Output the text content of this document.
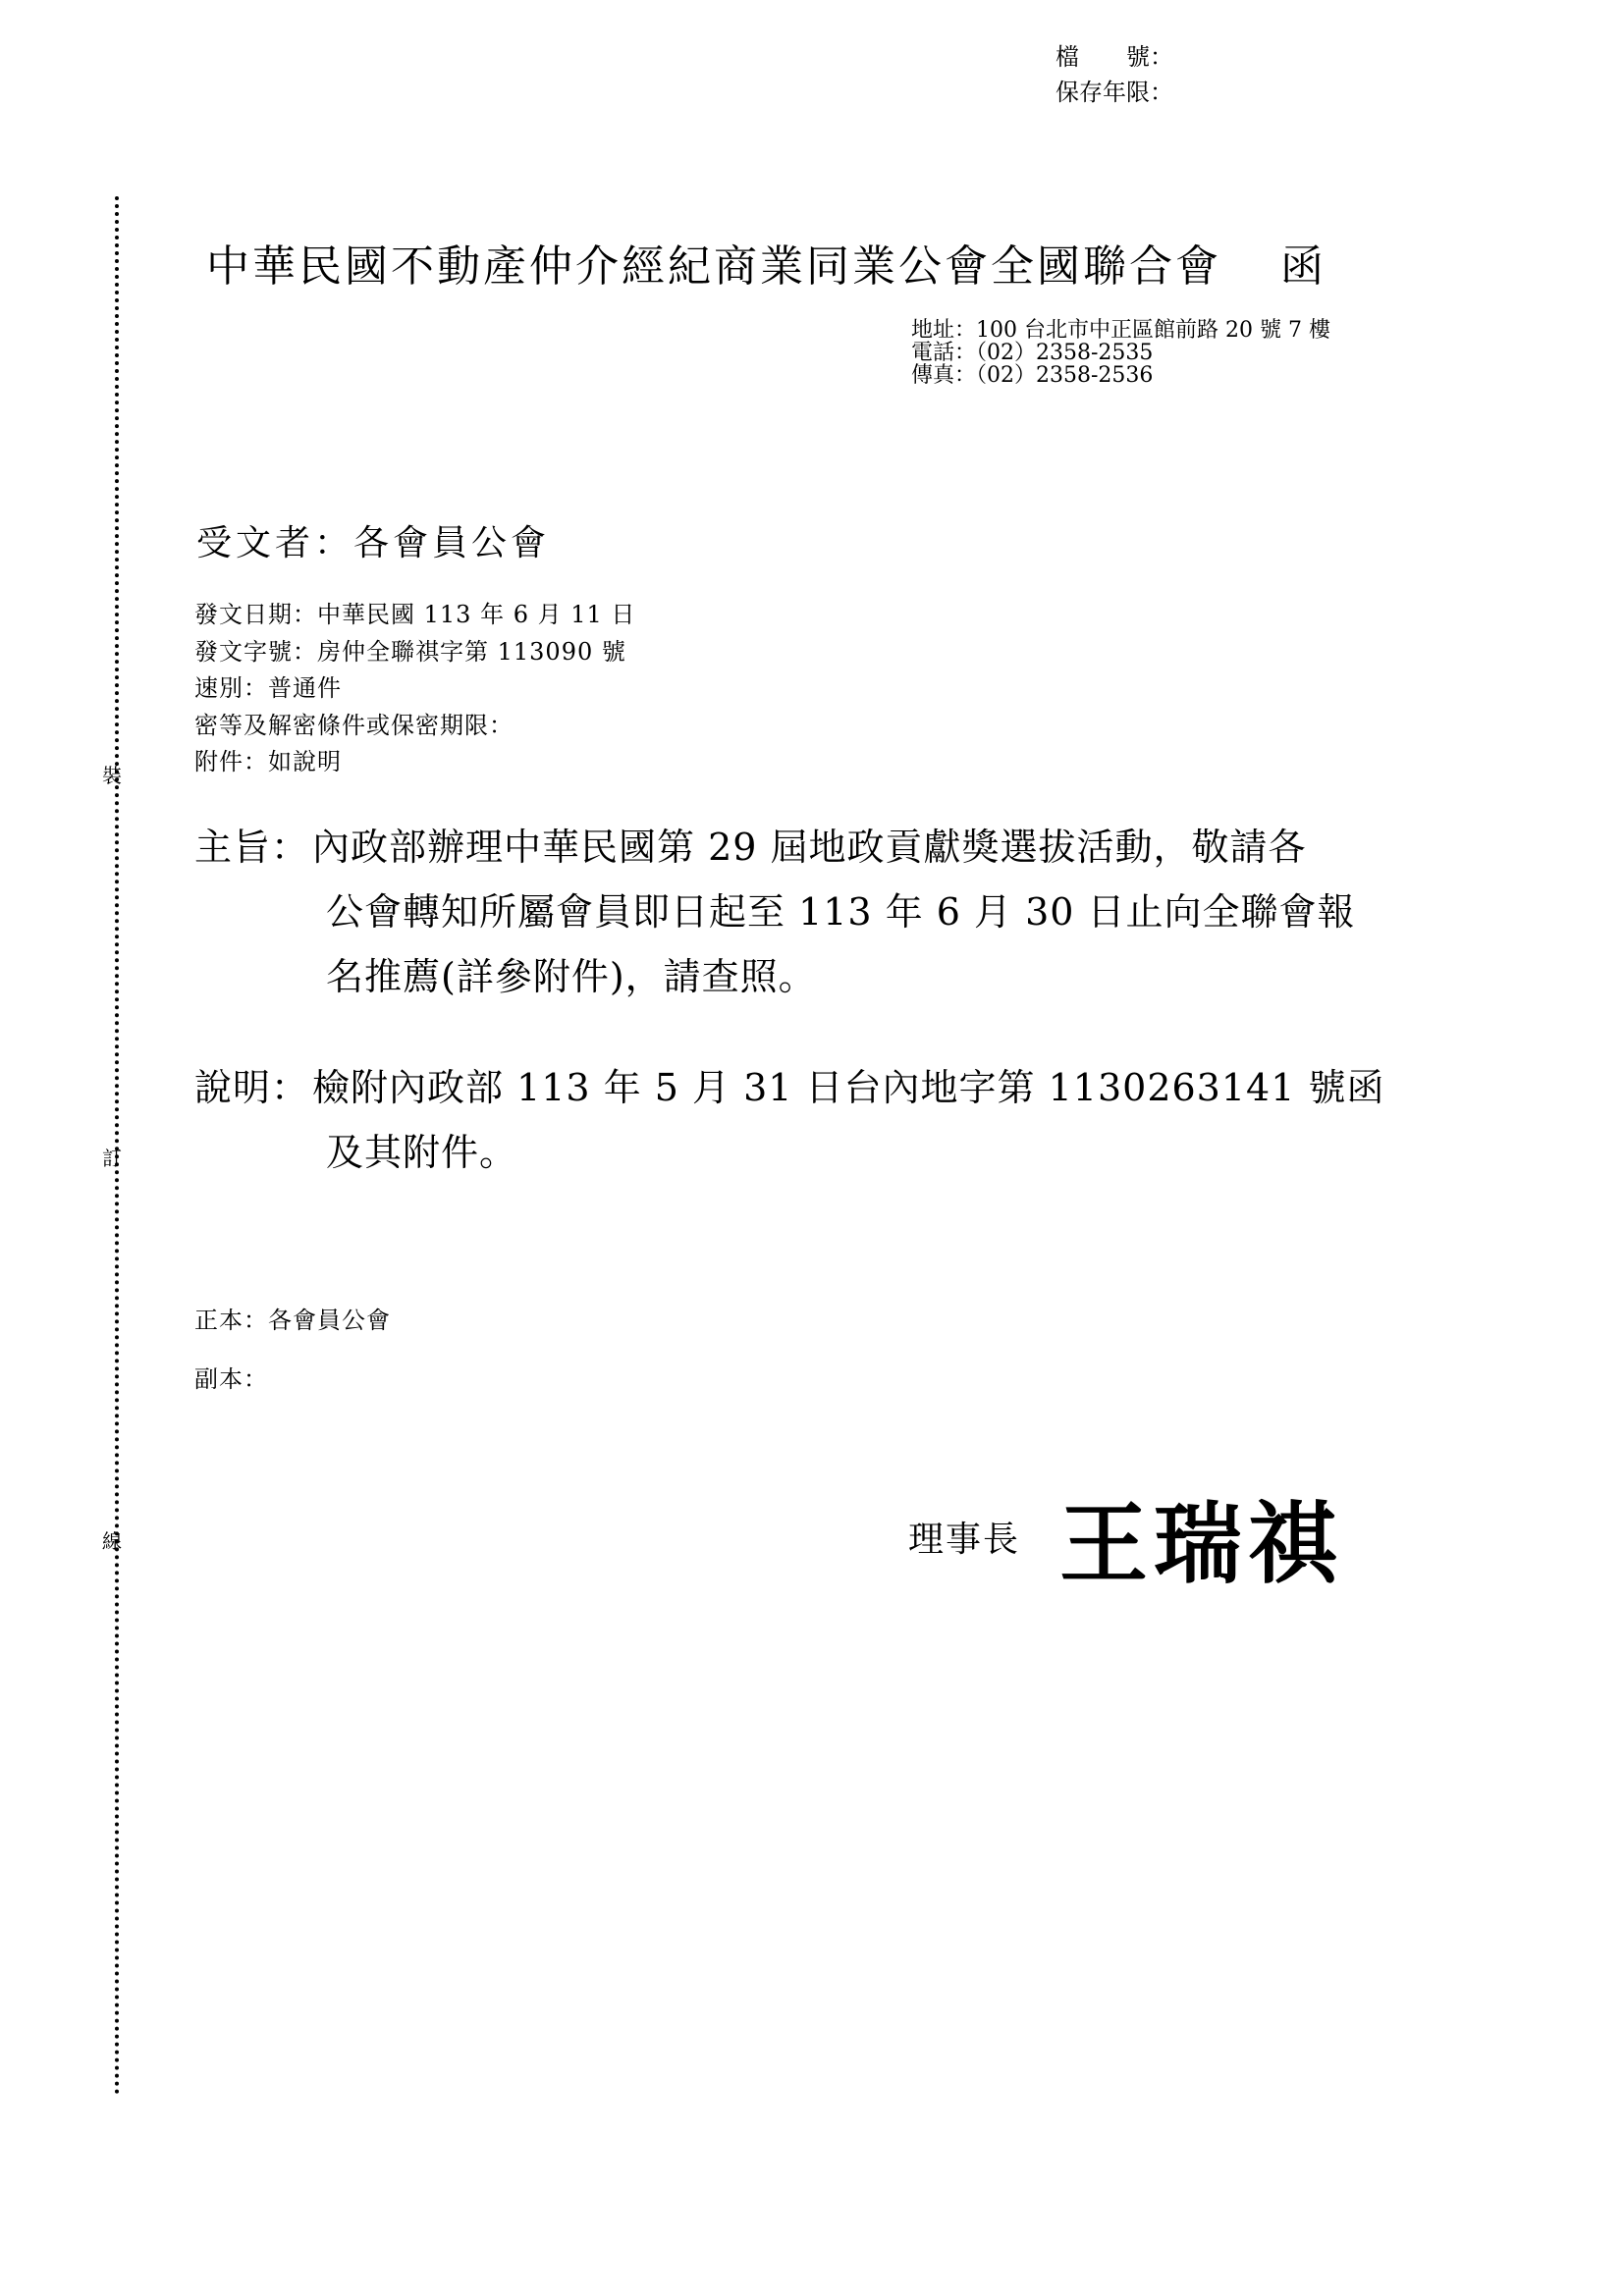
檔　　號：
保存年限：
裝
訂
線
中華民國不動產仲介經紀商業同業公會全國聯合會 函
地址：100 台北市中正區館前路 20 號 7 樓
電話：（02）2358-2535
傳真：（02）2358-2536
受文者：各會員公會
發文日期：中華民國 113 年 6 月 11 日
發文字號：房仲全聯祺字第 113090 號
速別：普通件
密等及解密條件或保密期限：
附件：如說明
主旨：內政部辦理中華民國第 29 屆地政貢獻獎選拔活動，敬請各
公會轉知所屬會員即日起至 113 年 6 月 30 日止向全聯會報
名推薦(詳參附件)，請查照。
說明：檢附內政部 113 年 5 月 31 日台內地字第 1130263141 號函
及其附件。
正本：各會員公會
副本：
理事長 王瑞祺
